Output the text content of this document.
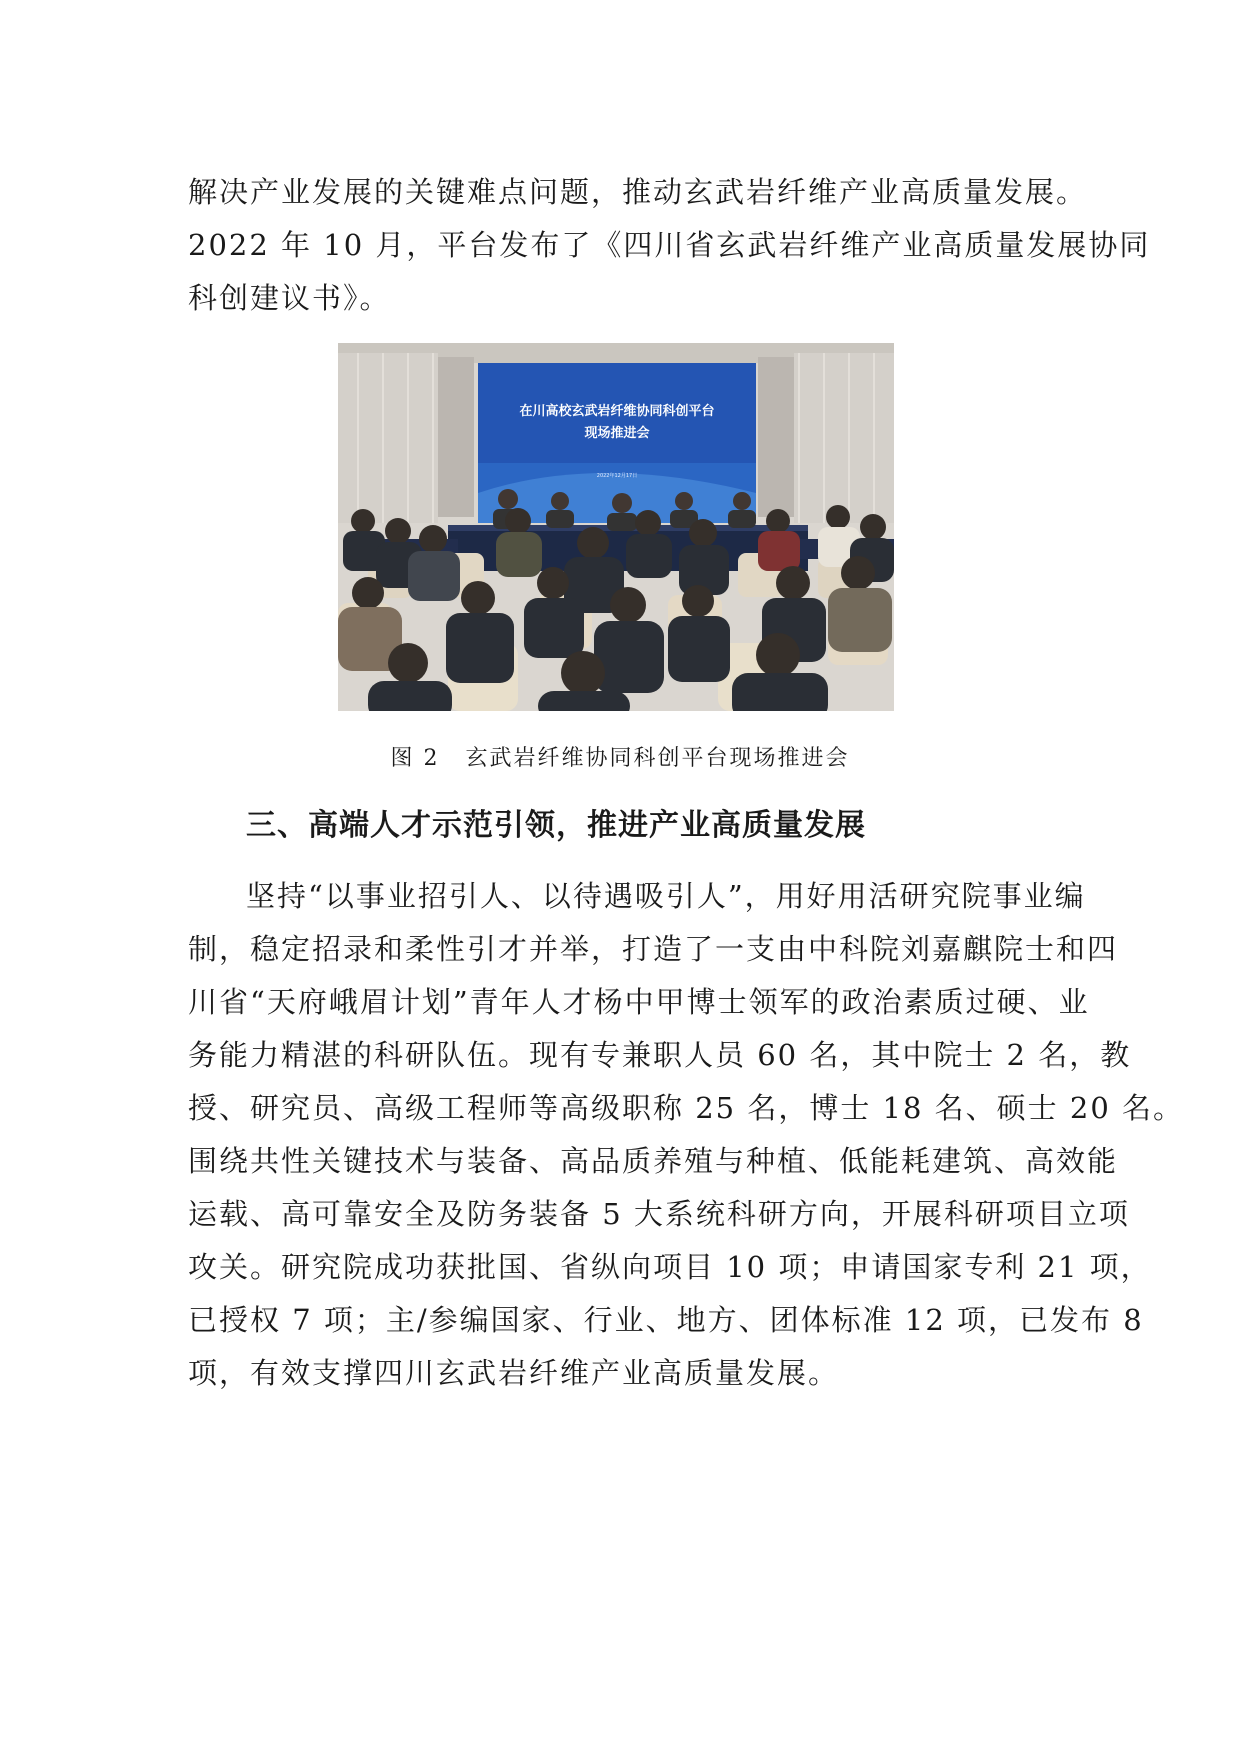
解决产业发展的关键难点问题，推动玄武岩纤维产业高质量发展。
2022 年 10 月，平台发布了《四川省玄武岩纤维产业高质量发展协同
科创建议书》。

在川高校玄武岩纤维协同科创平台
现场推进会
2022年12月17日

图 2 玄武岩纤维协同科创平台现场推进会

三、高端人才示范引领，推进产业高质量发展

坚持“以事业招引人、以待遇吸引人”，用好用活研究院事业编
制，稳定招录和柔性引才并举，打造了一支由中科院刘嘉麒院士和四
川省“天府峨眉计划”青年人才杨中甲博士领军的政治素质过硬、业
务能力精湛的科研队伍。现有专兼职人员 60 名，其中院士 2 名，教
授、研究员、高级工程师等高级职称 25 名，博士 18 名、硕士 20 名。
围绕共性关键技术与装备、高品质养殖与种植、低能耗建筑、高效能
运载、高可靠安全及防务装备 5 大系统科研方向，开展科研项目立项
攻关。研究院成功获批国、省纵向项目 10 项；申请国家专利 21 项，
已授权 7 项；主/参编国家、行业、地方、团体标准 12 项，已发布 8
项，有效支撑四川玄武岩纤维产业高质量发展。
